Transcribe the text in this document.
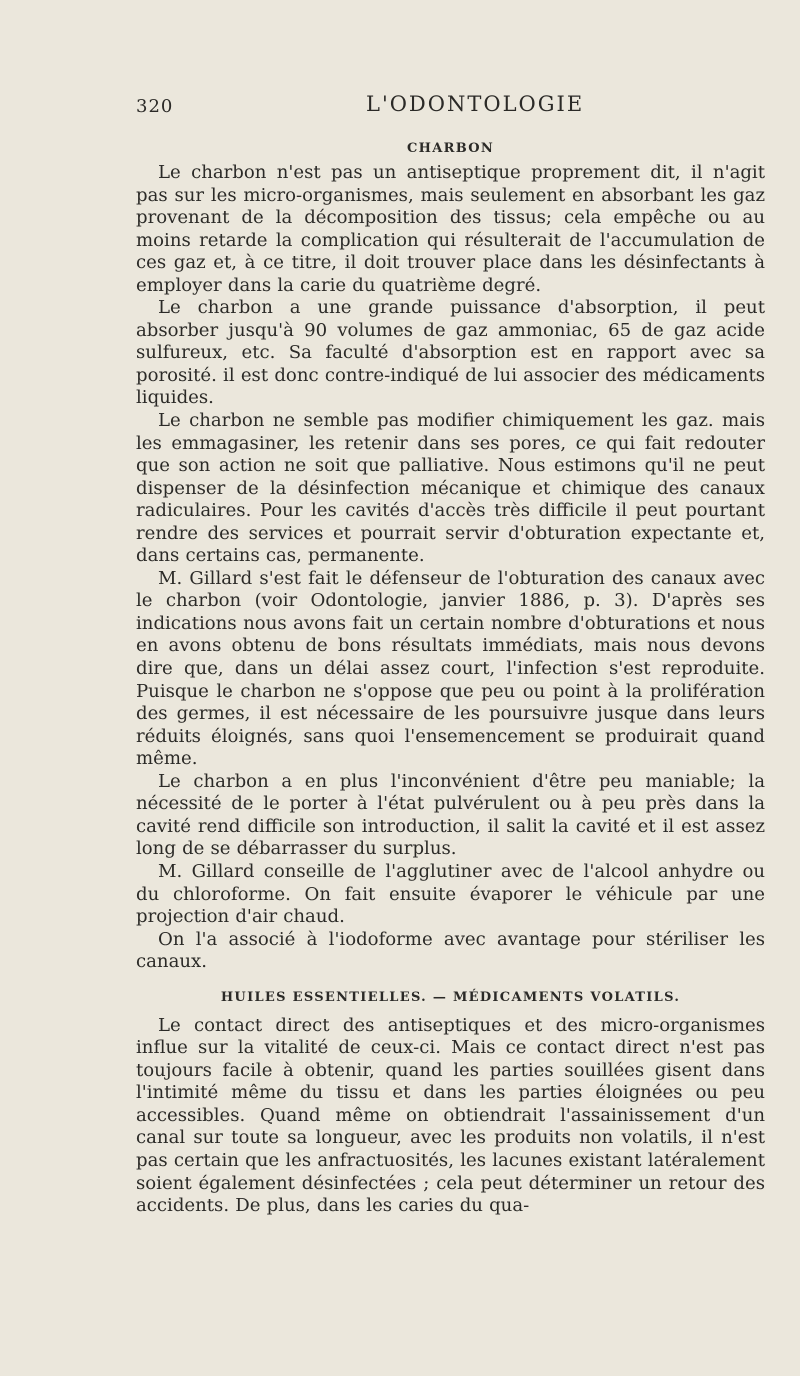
320	L'ODONTOLOGIE
CHARBON

Le charbon n'est pas un antiseptique proprement dit, il n'agit pas sur les micro-organismes, mais seulement en absorbant les gaz provenant de la décomposition des tissus; cela empêche ou au moins retarde la complication qui résulterait de l'accumulation de ces gaz et, à ce titre, il doit trouver place dans les désinfectants à employer dans la carie du quatrième degré.

Le charbon a une grande puissance d'absorption, il peut absorber jusqu'à 90 volumes de gaz ammoniac, 65 de gaz acide sulfureux, etc. Sa faculté d'absorption est en rapport avec sa porosité. il est donc contre-indiqué de lui associer des médicaments liquides.

Le charbon ne semble pas modifier chimiquement les gaz. mais les emmagasiner, les retenir dans ses pores, ce qui fait redouter que son action ne soit que palliative. Nous estimons qu'il ne peut dispenser de la désinfection mécanique et chimique des canaux radiculaires. Pour les cavités d'accès très difficile il peut pourtant rendre des services et pourrait servir d'obturation expectante et, dans certains cas, permanente.

M. Gillard s'est fait le défenseur de l'obturation des canaux avec le charbon (voir Odontologie, janvier 1886, p. 3). D'après ses indications nous avons fait un certain nombre d'obturations et nous en avons obtenu de bons résultats immédiats, mais nous devons dire que, dans un délai assez court, l'infection s'est reproduite. Puisque le charbon ne s'oppose que peu ou point à la prolifération des germes, il est nécessaire de les poursuivre jusque dans leurs réduits éloignés, sans quoi l'ensemencement se produirait quand même.

Le charbon a en plus l'inconvénient d'être peu maniable; la nécessité de le porter à l'état pulvérulent ou à peu près dans la cavité rend difficile son introduction, il salit la cavité et il est assez long de se débarrasser du surplus.

M. Gillard conseille de l'agglutiner avec de l'alcool anhydre ou du chloroforme. On fait ensuite évaporer le véhicule par une projection d'air chaud.

On l'a associé à l'iodoforme avec avantage pour stériliser les canaux.

HUILES ESSENTIELLES. — MÉDICAMENTS VOLATILS.

Le contact direct des antiseptiques et des micro-organismes influe sur la vitalité de ceux-ci. Mais ce contact direct n'est pas toujours facile à obtenir, quand les parties souillées gisent dans l'intimité même du tissu et dans les parties éloignées ou peu accessibles. Quand même on obtiendrait l'assainissement d'un canal sur toute sa longueur, avec les produits non volatils, il n'est pas certain que les anfractuosités, les lacunes existant latéralement soient également désinfectées ; cela peut déterminer un retour des accidents. De plus, dans les caries du qua-
